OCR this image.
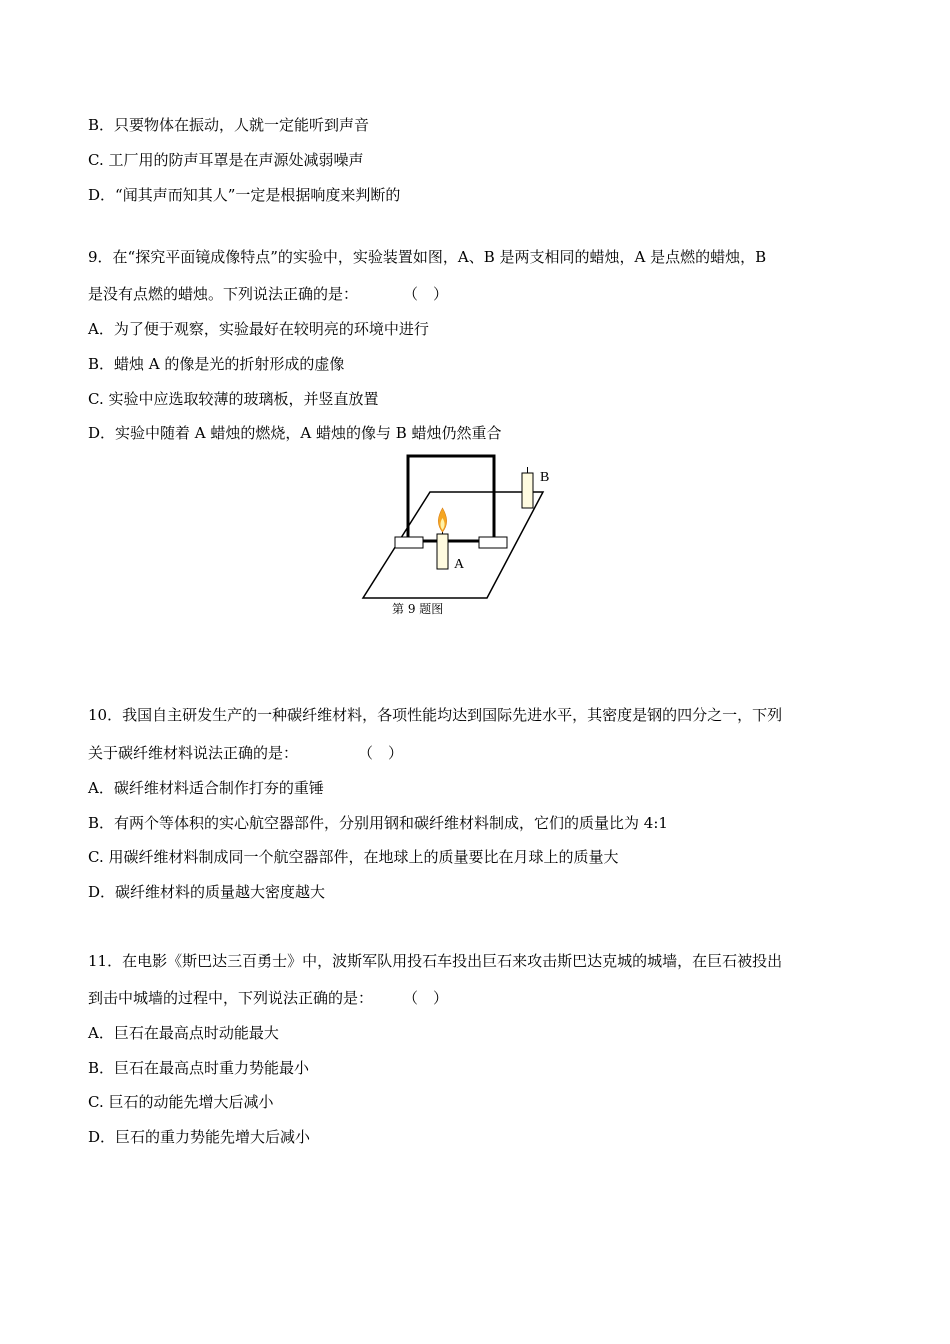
B．只要物体在振动，人就一定能听到声音
C. 工厂用的防声耳罩是在声源处减弱噪声
D．“闻其声而知其人”一定是根据响度来判断的
9．在“探究平面镜成像特点”的实验中，实验装置如图，A、B 是两支相同的蜡烛，A 是点燃的蜡烛，B
是没有点燃的蜡烛。下列说法正确的是：　　　　（　）
A．为了便于观察，实验最好在较明亮的环境中进行
B．蜡烛 A 的像是光的折射形成的虚像
C. 实验中应选取较薄的玻璃板，并竖直放置
D．实验中随着 A 蜡烛的燃烧，A 蜡烛的像与 B 蜡烛仍然重合
A
B
第 9 题图
10．我国自主研发生产的一种碳纤维材料，各项性能均达到国际先进水平，其密度是钢的四分之一，下列
关于碳纤维材料说法正确的是：　　　　　（　）
A．碳纤维材料适合制作打夯的重锤
B．有两个等体积的实心航空器部件，分别用钢和碳纤维材料制成，它们的质量比为 4:1
C. 用碳纤维材料制成同一个航空器部件，在地球上的质量要比在月球上的质量大
D．碳纤维材料的质量越大密度越大
11．在电影《斯巴达三百勇士》中，波斯军队用投石车投出巨石来攻击斯巴达克城的城墙，在巨石被投出
到击中城墙的过程中，下列说法正确的是：　　　（　）
A．巨石在最高点时动能最大
B．巨石在最高点时重力势能最小
C. 巨石的动能先增大后减小
D．巨石的重力势能先增大后减小
